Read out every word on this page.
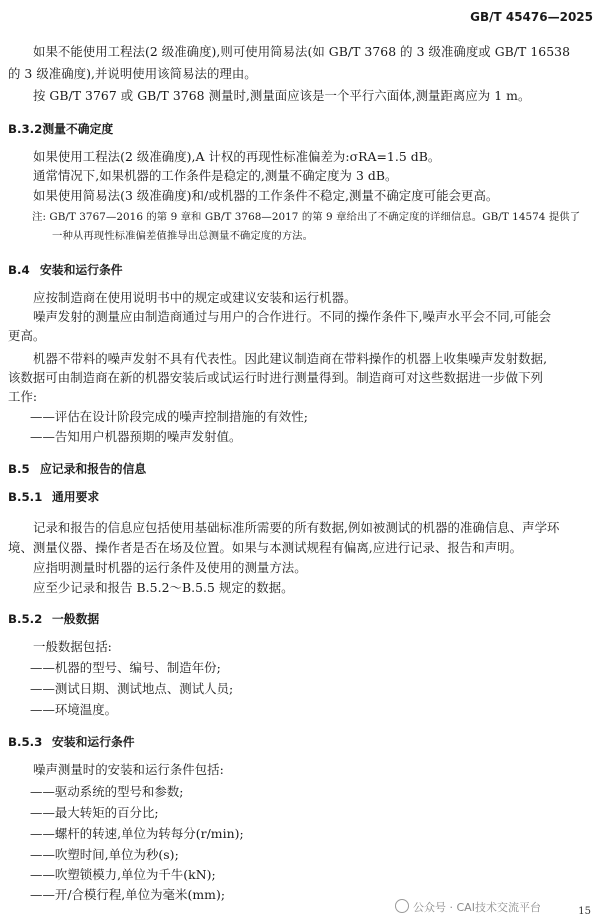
GB/T 45476—2025

如果不能使用工程法(2 级准确度),则可使用简易法(如 GB/T 3768 的 3 级准确度或 GB/T 16538

的 3 级准确度),并说明使用该简易法的理由。

按 GB/T 3767 或 GB/T 3768 测量时,测量面应该是一个平行六面体,测量距离应为 1 m。

B.3.2测量不确定度

如果使用工程法(2 级准确度),A 计权的再现性标准偏差为:σRA=1.5 dB。

通常情况下,如果机器的工作条件是稳定的,测量不确定度为 3 dB。

如果使用简易法(3 级准确度)和/或机器的工作条件不稳定,测量不确定度可能会更高。

注: GB/T 3767—2016 的第 9 章和 GB/T 3768—2017 的第 9 章给出了不确定度的详细信息。GB/T 14574 提供了

一种从再现性标准偏差值推导出总测量不确定度的方法。

B.4 安装和运行条件

应按制造商在使用说明书中的规定或建议安装和运行机器。

噪声发射的测量应由制造商通过与用户的合作进行。不同的操作条件下,噪声水平会不同,可能会

更高。

机器不带料的噪声发射不具有代表性。因此建议制造商在带料操作的机器上收集噪声发射数据,

该数据可由制造商在新的机器安装后或试运行时进行测量得到。制造商可对这些数据进一步做下列

工作:

——评估在设计阶段完成的噪声控制措施的有效性;

——告知用户机器预期的噪声发射值。

B.5 应记录和报告的信息
B.5.1 通用要求

记录和报告的信息应包括使用基础标准所需要的所有数据,例如被测试的机器的准确信息、声学环

境、测量仪器、操作者是否在场及位置。如果与本测试规程有偏离,应进行记录、报告和声明。

应指明测量时机器的运行条件及使用的测量方法。

应至少记录和报告 B.5.2～B.5.5 规定的数据。

B.5.2 一般数据

一般数据包括:

——机器的型号、编号、制造年份;

——测试日期、测试地点、测试人员;

——环境温度。

B.5.3 安装和运行条件

噪声测量时的安装和运行条件包括:

——驱动系统的型号和参数;

——最大转矩的百分比;

——螺杆的转速,单位为转每分(r/min);

——吹塑时间,单位为秒(s);

——吹塑锁模力,单位为千牛(kN);

——开/合模行程,单位为毫米(mm);

公众号 · CAI技术交流平台	15
